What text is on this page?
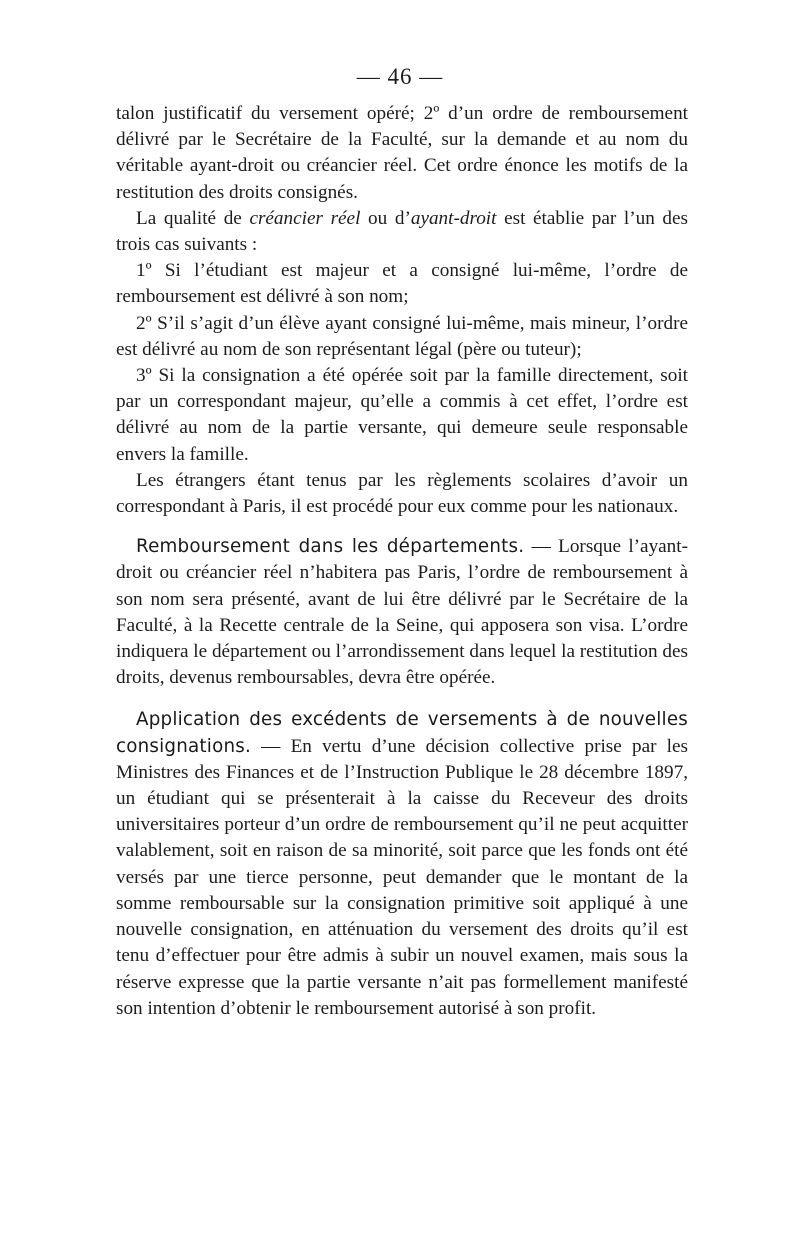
— 46 —

talon justificatif du versement opéré; 2º d’un ordre de remboursement délivré par le Secrétaire de la Faculté, sur la demande et au nom du véritable ayant-droit ou créancier réel. Cet ordre énonce les motifs de la restitution des droits consignés.

La qualité de créancier réel ou d’ayant-droit est établie par l’un des trois cas suivants :

1º Si l’étudiant est majeur et a consigné lui-même, l’ordre de remboursement est délivré à son nom;

2º S’il s’agit d’un élève ayant consigné lui-même, mais mineur, l’ordre est délivré au nom de son représentant légal (père ou tuteur);

3º Si la consignation a été opérée soit par la famille directement, soit par un correspondant majeur, qu’elle a commis à cet effet, l’ordre est délivré au nom de la partie versante, qui demeure seule responsable envers la famille.

Les étrangers étant tenus par les règlements scolaires d’avoir un correspondant à Paris, il est procédé pour eux comme pour les nationaux.

Remboursement dans les départements. — Lorsque l’ayant-droit ou créancier réel n’habitera pas Paris, l’ordre de remboursement à son nom sera présenté, avant de lui être délivré par le Secrétaire de la Faculté, à la Recette centrale de la Seine, qui apposera son visa. L’ordre indiquera le département ou l’arrondissement dans lequel la restitution des droits, devenus remboursables, devra être opérée.

Application des excédents de versements à de nouvelles consignations. — En vertu d’une décision collective prise par les Ministres des Finances et de l’Instruction Publique le 28 décembre 1897, un étudiant qui se présenterait à la caisse du Receveur des droits universitaires porteur d’un ordre de remboursement qu’il ne peut acquitter valablement, soit en raison de sa minorité, soit parce que les fonds ont été versés par une tierce personne, peut demander que le montant de la somme remboursable sur la consignation primitive soit appliqué à une nouvelle consignation, en atténuation du versement des droits qu’il est tenu d’effectuer pour être admis à subir un nouvel examen, mais sous la réserve expresse que la partie versante n’ait pas formellement manifesté son intention d’obtenir le remboursement autorisé à son profit.
